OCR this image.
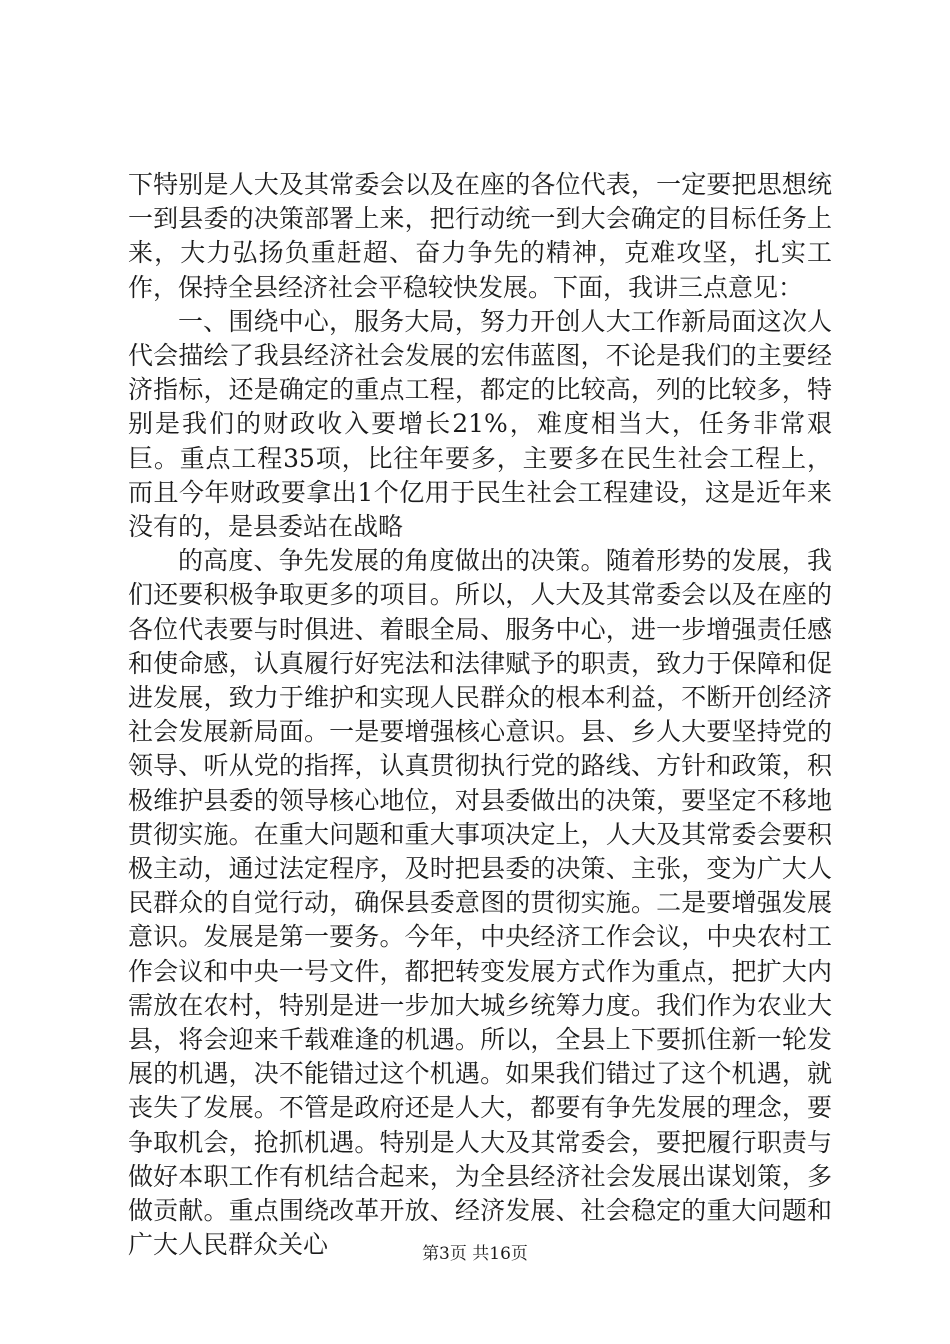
下特别是人大及其常委会以及在座的各位代表，一定要把思想统一到县委的决策部署上来，把行动统一到大会确定的目标任务上来，大力弘扬负重赶超、奋力争先的精神，克难攻坚，扎实工作，保持全县经济社会平稳较快发展。下面，我讲三点意见：

一、围绕中心，服务大局，努力开创人大工作新局面这次人代会描绘了我县经济社会发展的宏伟蓝图，不论是我们的主要经济指标，还是确定的重点工程，都定的比较高，列的比较多，特别是我们的财政收入要增长21%，难度相当大，任务非常艰巨。重点工程35项，比往年要多，主要多在民生社会工程上，而且今年财政要拿出1个亿用于民生社会工程建设，这是近年来没有的，是县委站在战略

的高度、争先发展的角度做出的决策。随着形势的发展，我们还要积极争取更多的项目。所以，人大及其常委会以及在座的各位代表要与时俱进、着眼全局、服务中心，进一步增强责任感和使命感，认真履行好宪法和法律赋予的职责，致力于保障和促进发展，致力于维护和实现人民群众的根本利益，不断开创经济社会发展新局面。一是要增强核心意识。县、乡人大要坚持党的领导、听从党的指挥，认真贯彻执行党的路线、方针和政策，积极维护县委的领导核心地位，对县委做出的决策，要坚定不移地贯彻实施。在重大问题和重大事项决定上，人大及其常委会要积极主动，通过法定程序，及时把县委的决策、主张，变为广大人民群众的自觉行动，确保县委意图的贯彻实施。二是要增强发展意识。发展是第一要务。今年，中央经济工作会议，中央农村工作会议和中央一号文件，都把转变发展方式作为重点，把扩大内需放在农村，特别是进一步加大城乡统筹力度。我们作为农业大县，将会迎来千载难逢的机遇。所以，全县上下要抓住新一轮发展的机遇，决不能错过这个机遇。如果我们错过了这个机遇，就丧失了发展。不管是政府还是人大，都要有争先发展的理念，要争取机会，抢抓机遇。特别是人大及其常委会，要把履行职责与做好本职工作有机结合起来，为全县经济社会发展出谋划策，多做贡献。重点围绕改革开放、经济发展、社会稳定的重大问题和广大人民群众关心	第3页 共16页
